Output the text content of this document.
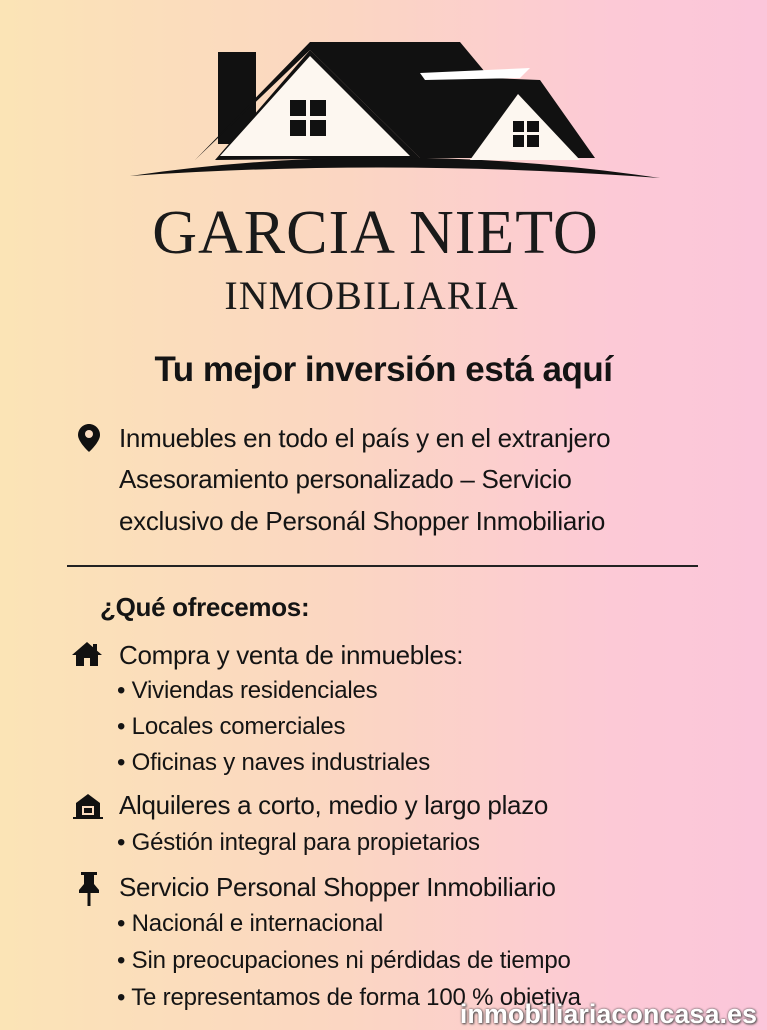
GARCIA NIETO
INMOBILIARIA
Tu mejor inversión está aquí
Inmuebles en todo el país y en el extranjero
Asesoramiento personalizado – Servicio
exclusivo de Personál Shopper Inmobiliario
¿Qué ofrecemos:
Compra y venta de inmuebles:
• Viviendas residenciales
• Locales comerciales
• Oficinas y naves industriales
Alquileres a corto, medio y largo plazo
• Géstión integral para propietarios
Servicio Personal Shopper Inmobiliario
• Nacionál e internacional
• Sin preocupaciones ni pérdidas de tiempo
• Te representamos de forma 100 % objetiva
inmobiliariaconcasa.es
